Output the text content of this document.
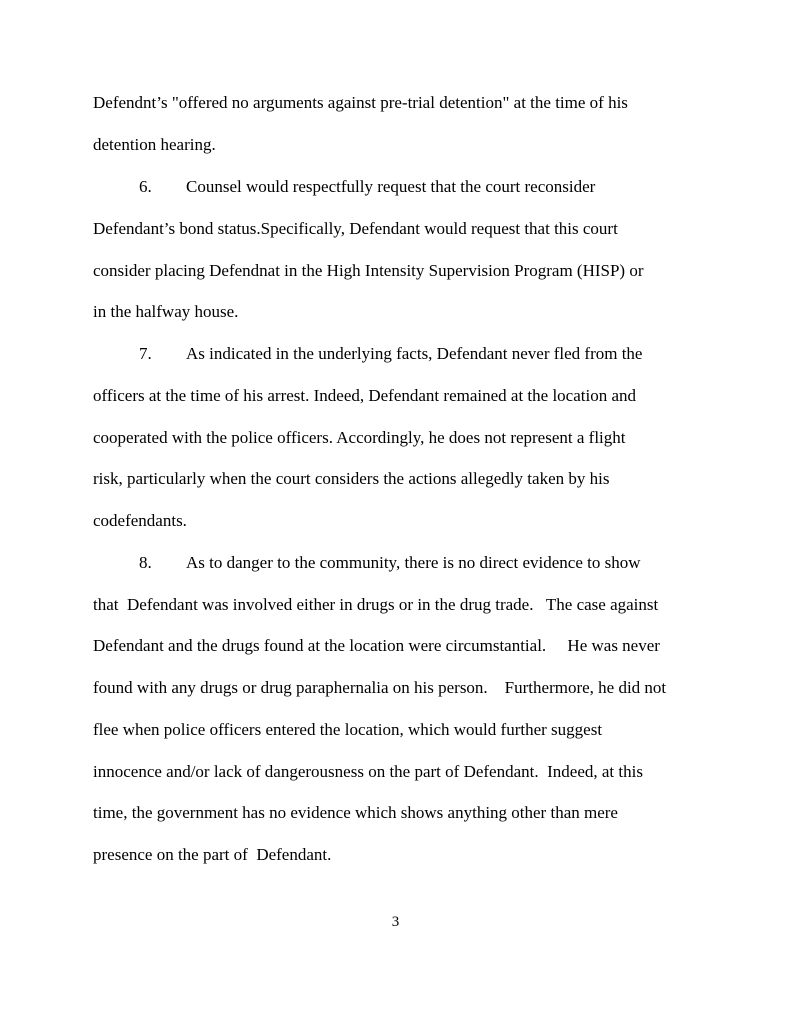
Defendnt’s "offered no arguments against pre-trial detention" at the time of his

detention hearing.

6. Counsel would respectfully request that the court reconsider

Defendant’s bond status.Specifically, Defendant would request that this court

consider placing Defendnat in the High Intensity Supervision Program (HISP) or

in the halfway house.

7. As indicated in the underlying facts, Defendant never fled from the

officers at the time of his arrest. Indeed, Defendant remained at the location and

cooperated with the police officers. Accordingly, he does not represent a flight

risk, particularly when the court considers the actions allegedly taken by his

codefendants.

8. As to danger to the community, there is no direct evidence to show

that  Defendant was involved either in drugs or in the drug trade.   The case against

Defendant and the drugs found at the location were circumstantial.     He was never

found with any drugs or drug paraphernalia on his person.    Furthermore, he did not

flee when police officers entered the location, which would further suggest

innocence and/or lack of dangerousness on the part of Defendant.  Indeed, at this

time, the government has no evidence which shows anything other than mere

presence on the part of  Defendant.

3
